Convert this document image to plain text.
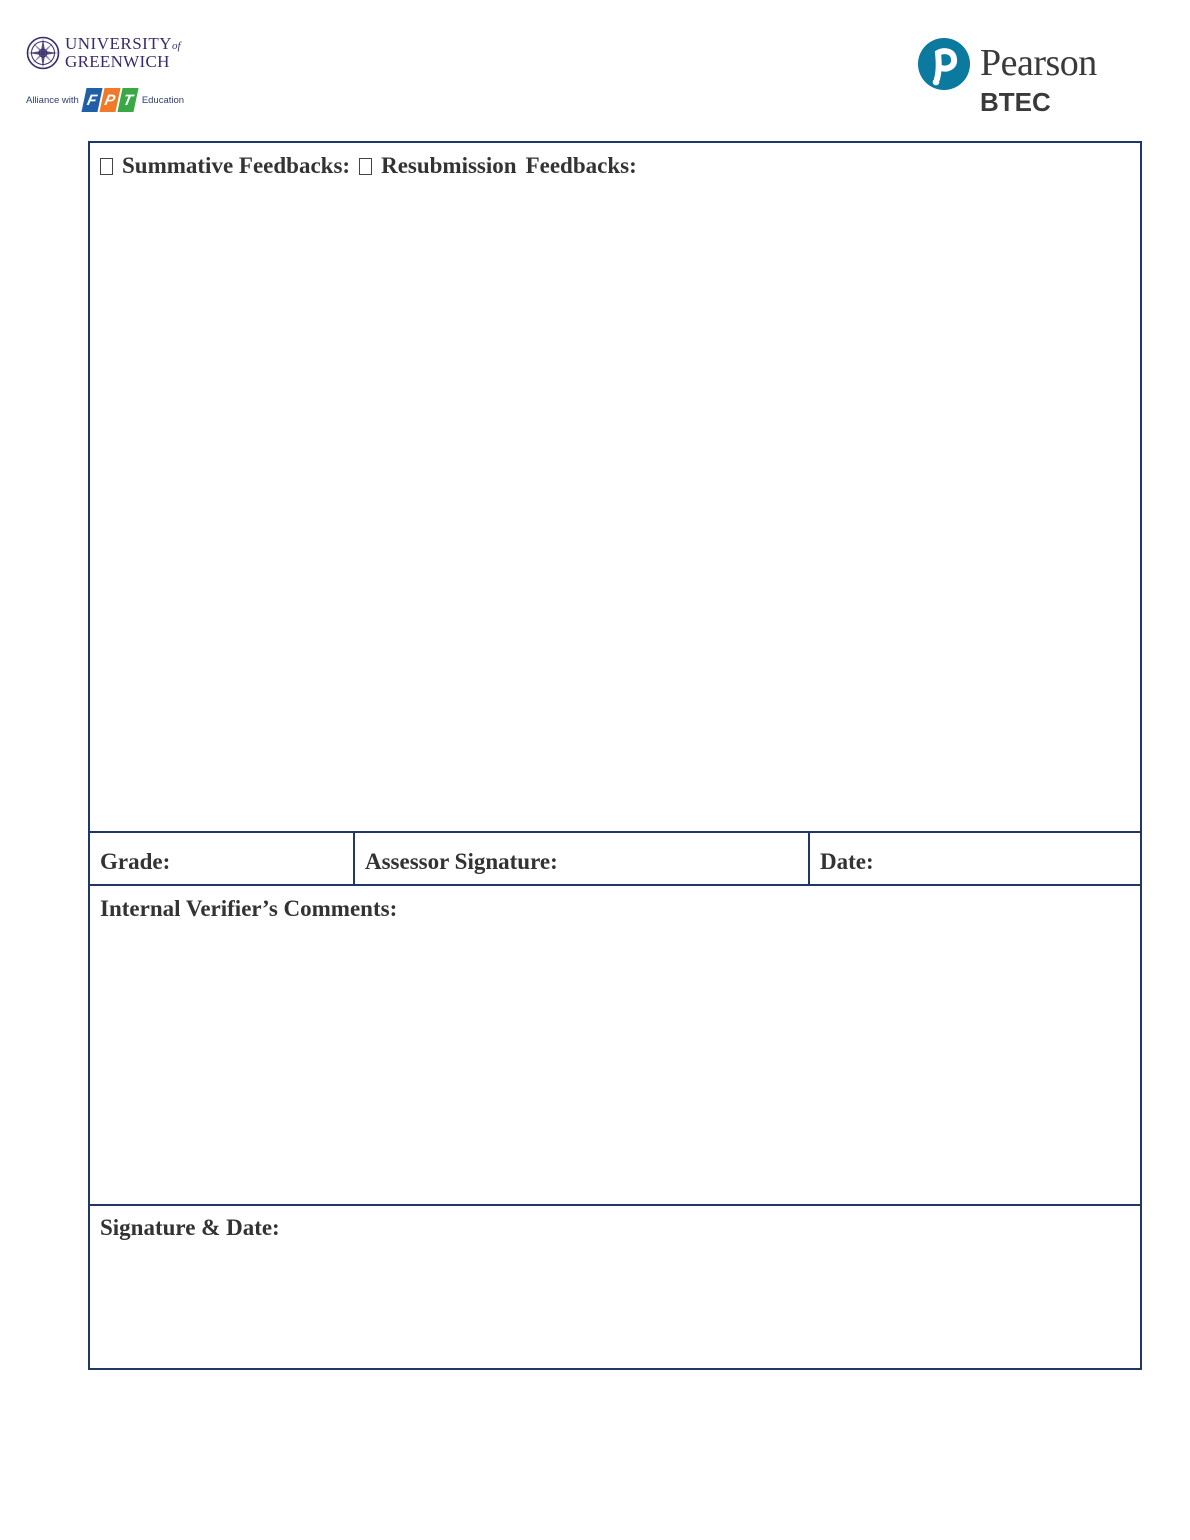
UNIVERSITYof
GREENWICH
Alliance with F P T Education
Pearson
BTEC
Summative Feedbacks: Resubmission Feedbacks:
Grade:	Assessor Signature:	Date:
Internal Verifier’s Comments:
Signature & Date:
